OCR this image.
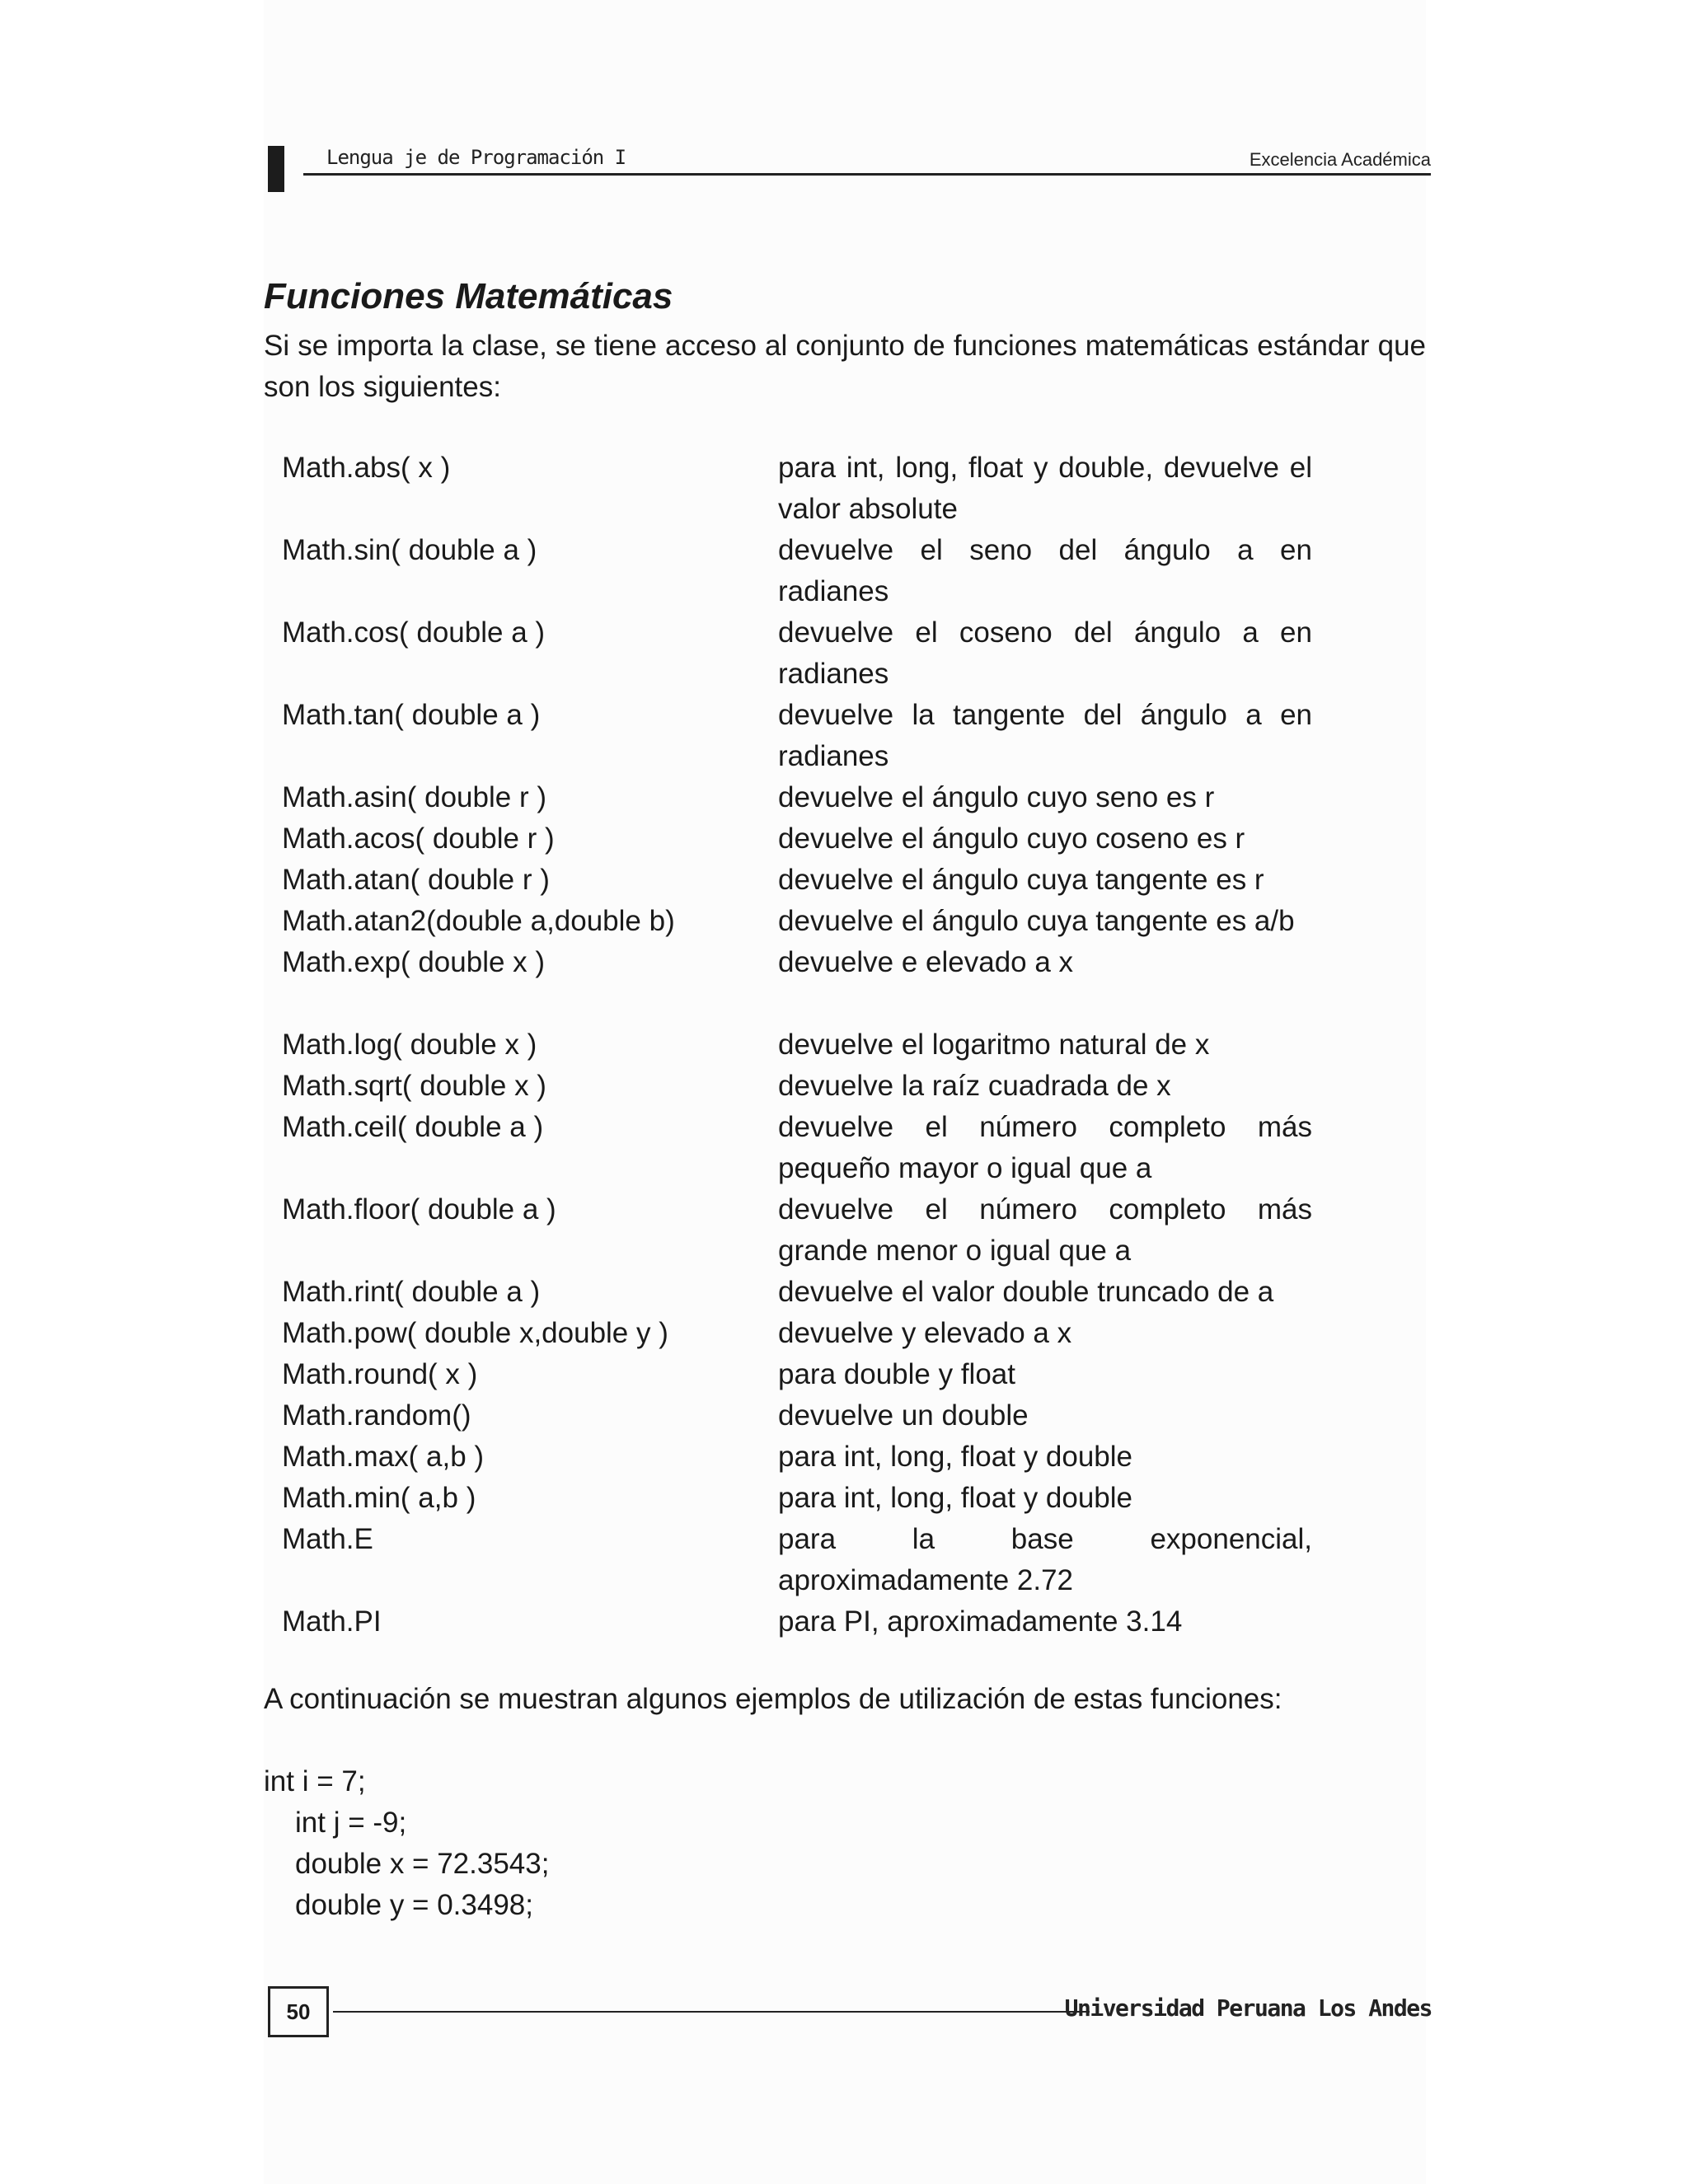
Lengua je de Programación I	Excelencia Académica
Funciones Matemáticas
Si se importa la clase, se tiene acceso al conjunto de funciones matemáticas estándar que son los siguientes:
Math.abs( x )	para int, long, float y double, devuelve el valor absolute
Math.sin( double a )	devuelve el seno del ángulo a en radianes
Math.cos( double a )	devuelve el coseno del ángulo a en radianes
Math.tan( double a )	devuelve la tangente del ángulo a en radianes
Math.asin( double r )	devuelve el ángulo cuyo seno es r
Math.acos( double r )	devuelve el ángulo cuyo coseno es r
Math.atan( double r )	devuelve el ángulo cuya tangente es r
Math.atan2(double a,double b)	devuelve el ángulo cuya tangente es a/b
Math.exp( double x )	devuelve e elevado a x
Math.log( double x )	devuelve el logaritmo natural de x
Math.sqrt( double x )	devuelve la raíz cuadrada de x
Math.ceil( double a )	devuelve el número completo más pequeño mayor o igual que a
Math.floor( double a )	devuelve el número completo más grande menor o igual que a
Math.rint( double a )	devuelve el valor double truncado de a
Math.pow( double x,double y )	devuelve y elevado a x
Math.round( x )	para double y float
Math.random()	devuelve un double
Math.max( a,b )	para int, long, float y double
Math.min( a,b )	para int, long, float y double
Math.E	para la base exponencial, aproximadamente 2.72
Math.PI	para PI, aproximadamente 3.14
A continuación se muestran algunos ejemplos de utilización de estas funciones:
int i = 7;
int j = -9;
double x = 72.3543;
double y = 0.3498;
50	Universidad Peruana Los Andes
